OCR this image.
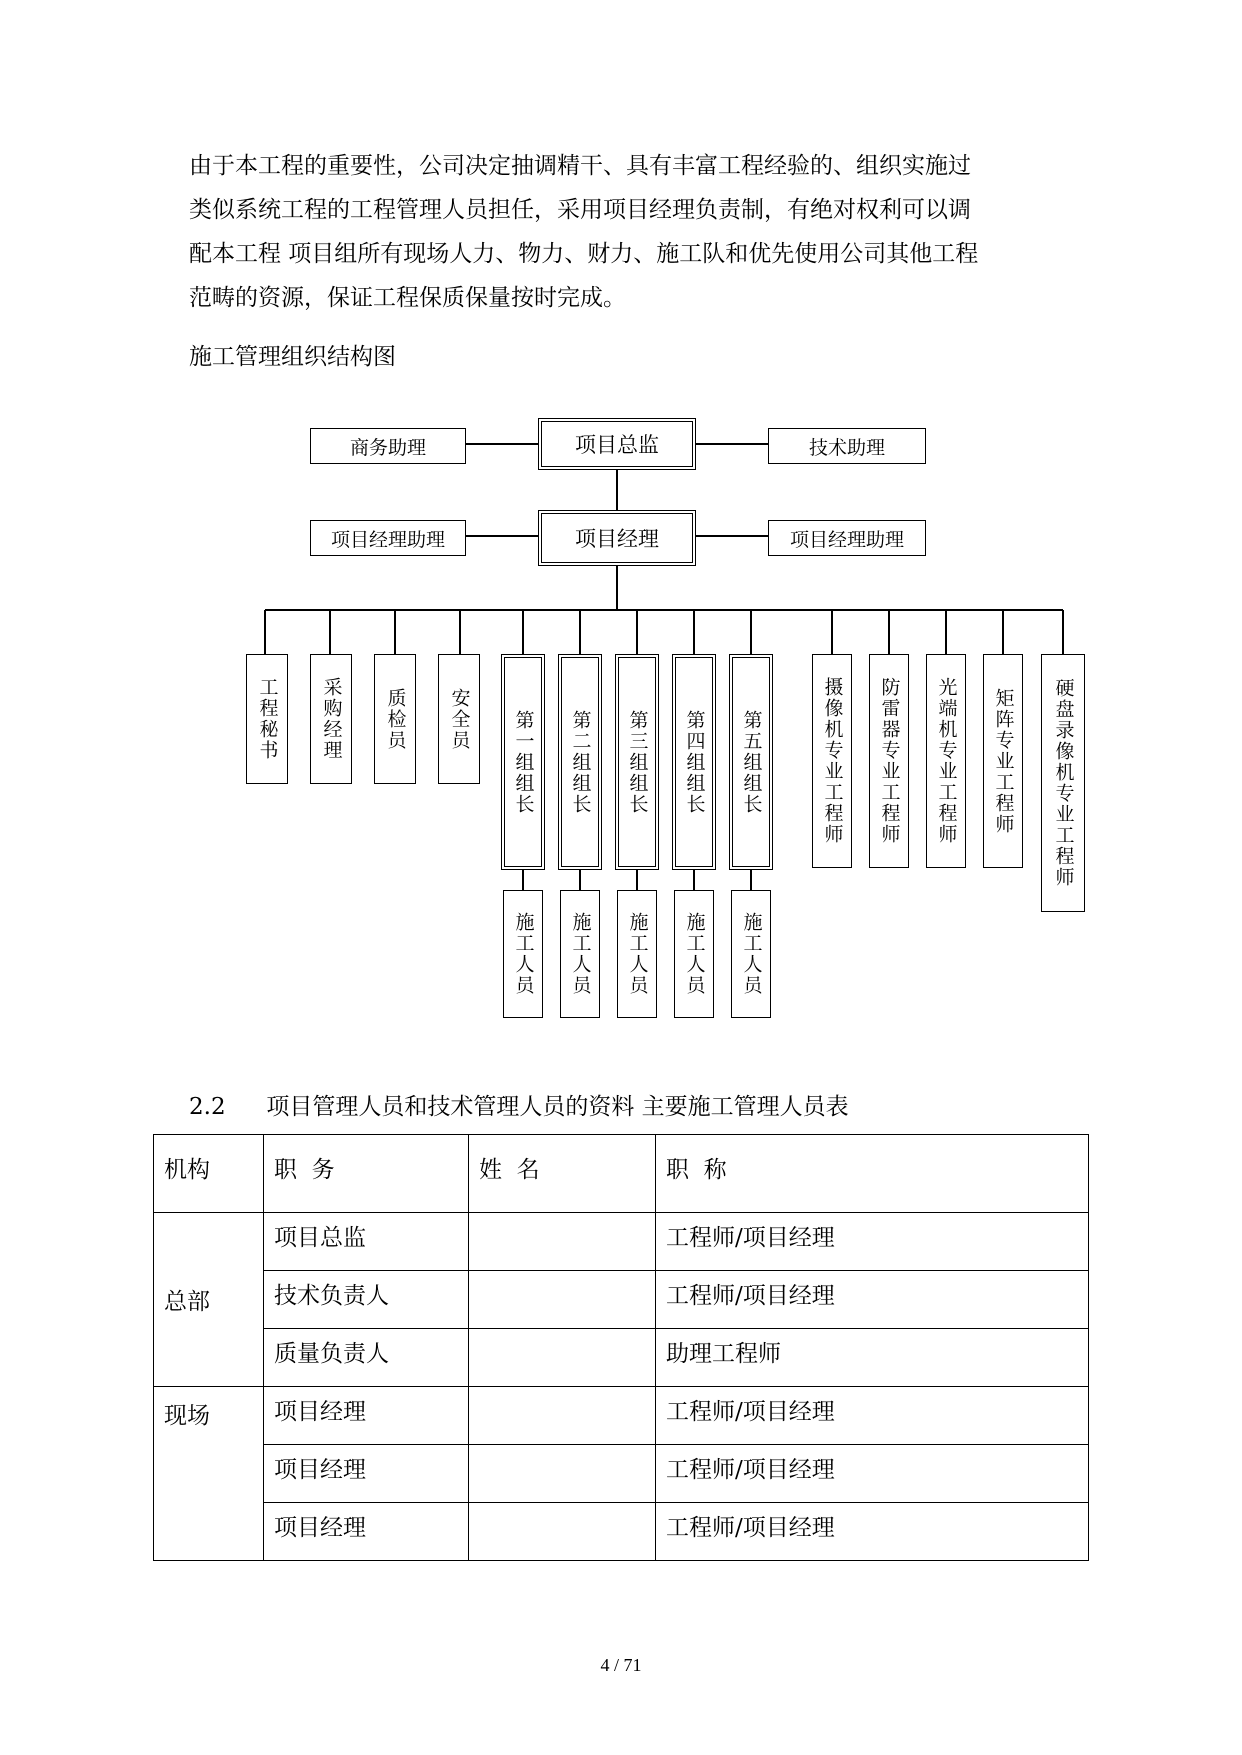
由于本工程的重要性，公司决定抽调精干、具有丰富工程经验的、组织实施过
类似系统工程的工程管理人员担任，采用项目经理负责制，有绝对权利可以调
配本工程 项目组所有现场人力、物力、财力、施工队和优先使用公司其他工程
范畴的资源，保证工程保质保量按时完成。
施工管理组织结构图
商务助理	项目总监	技术助理
项目经理助理	项目经理	项目经理助理
工程秘书 采购经理 质检员 安全员 第一组组长 第二组组长 第三组组长 第四组组长 第五组组长
施工人员 施工人员 施工人员 施工人员 施工人员
摄像机专业工程师 防雷器专业工程师 光端机专业工程师 矩阵专业工程师 硬盘录像机专业工程师
2.2 项目管理人员和技术管理人员的资料 主要施工管理人员表
机构	职  务	姓  名	职  称
总部	项目总监		工程师/项目经理
	技术负责人		工程师/项目经理
	质量负责人		助理工程师
现场	项目经理		工程师/项目经理
	项目经理		工程师/项目经理
	项目经理		工程师/项目经理
4 / 71
